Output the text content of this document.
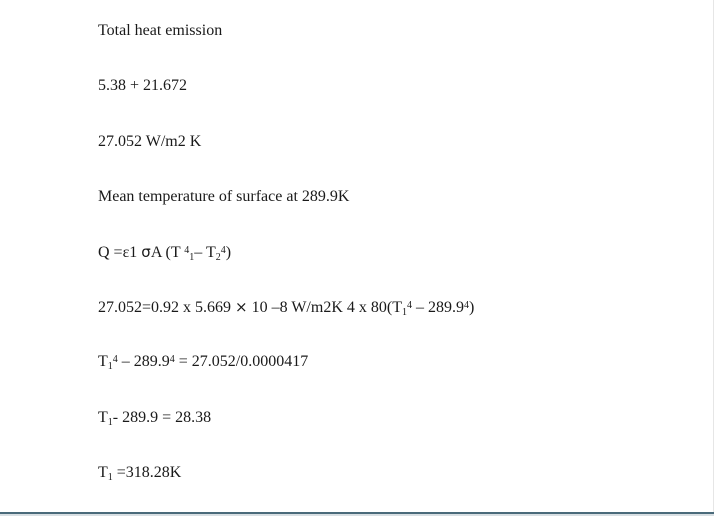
Total heat emission
5.38 + 21.672
27.052 W/m2 K
Mean temperature of surface at 289.9K
Q =ε1 σA (T $^4_1$– $T_2^4$)
27.052=0.92 x 5.669 × 10 –8 W/m2K 4 x $80(T_1^4 - 289.9^4)$
$T_1^4 - 289.9^4 = 27.052/0.0000417$
$T_1-$ 289.9 = 28.38
$T_1 =318.28K$
